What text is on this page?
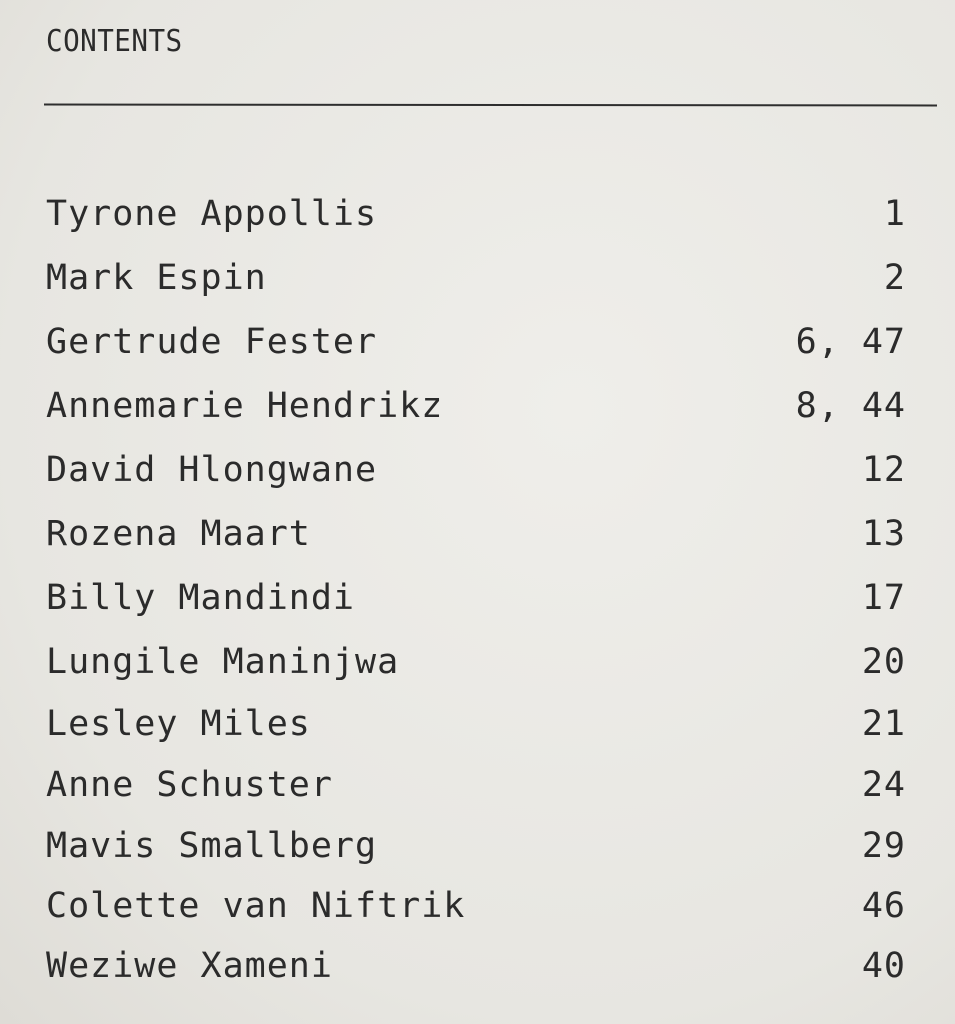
CONTENTS
Tyrone Appollis	1
Mark Espin	2
Gertrude Fester	6, 47
Annemarie Hendrikz	8, 44
David Hlongwane	12
Rozena Maart	13
Billy Mandindi	17
Lungile Maninjwa	20
Lesley Miles	21
Anne Schuster	24
Mavis Smallberg	29
Colette van Niftrik	46
Weziwe Xameni	40
